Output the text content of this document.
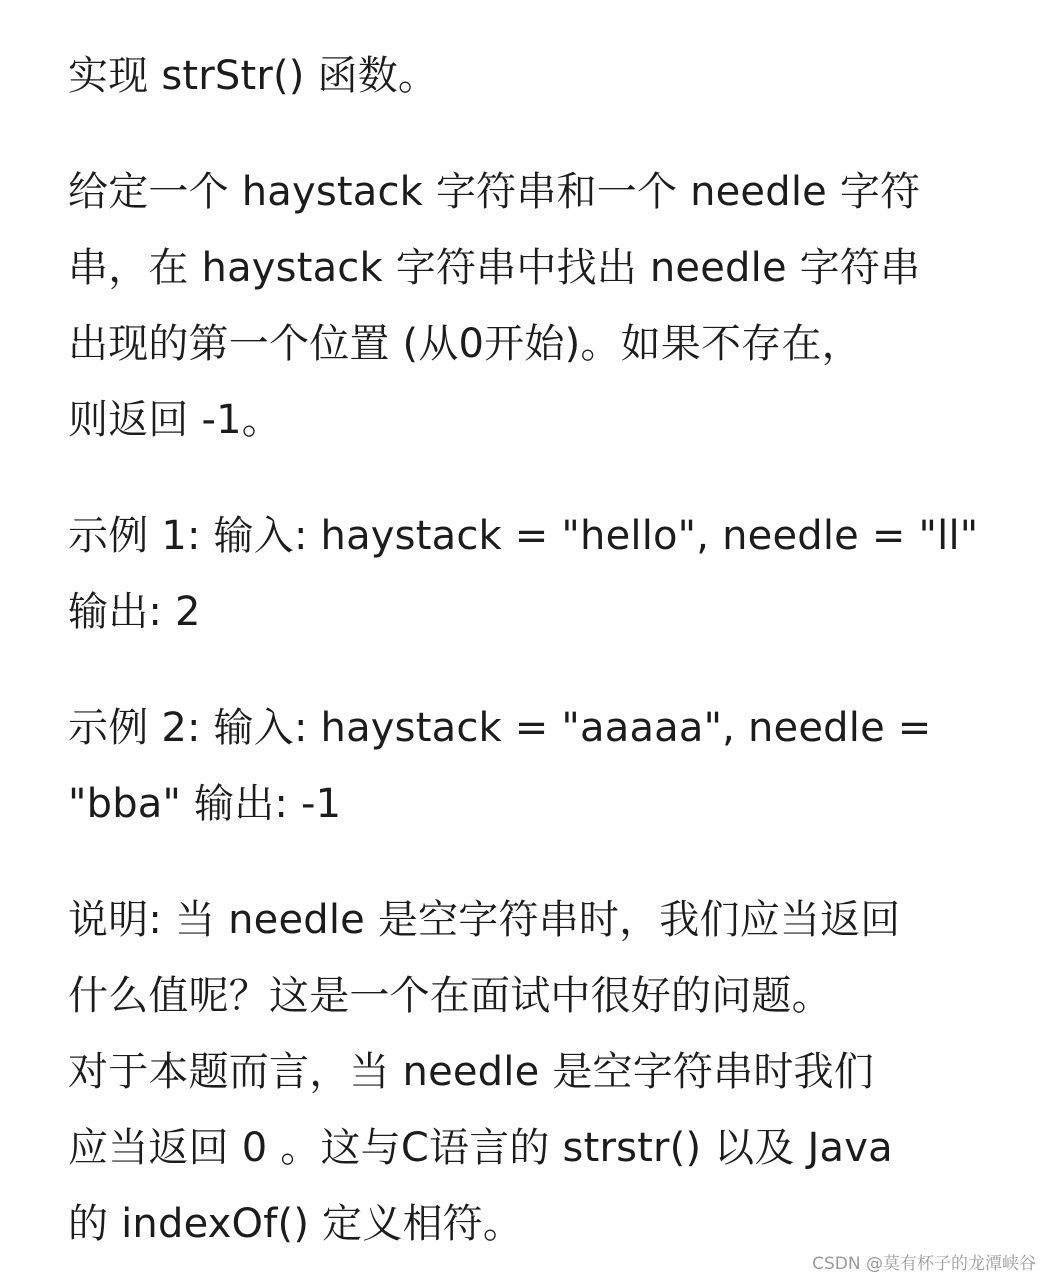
实现 strStr() 函数。

给定一个 haystack 字符串和一个 needle 字符
串，在 haystack 字符串中找出 needle 字符串
出现的第一个位置 (从0开始)。如果不存在，
则返回 -1。

示例 1: 输入: haystack = "hello", needle = "ll"
输出: 2

示例 2: 输入: haystack = "aaaaa", needle =
"bba" 输出: -1

说明: 当 needle 是空字符串时，我们应当返回
什么值呢？这是一个在面试中很好的问题。
对于本题而言，当 needle 是空字符串时我们
应当返回 0 。这与C语言的 strstr() 以及 Java
的 indexOf() 定义相符。

CSDN @莫有杯子的龙潭峡谷
